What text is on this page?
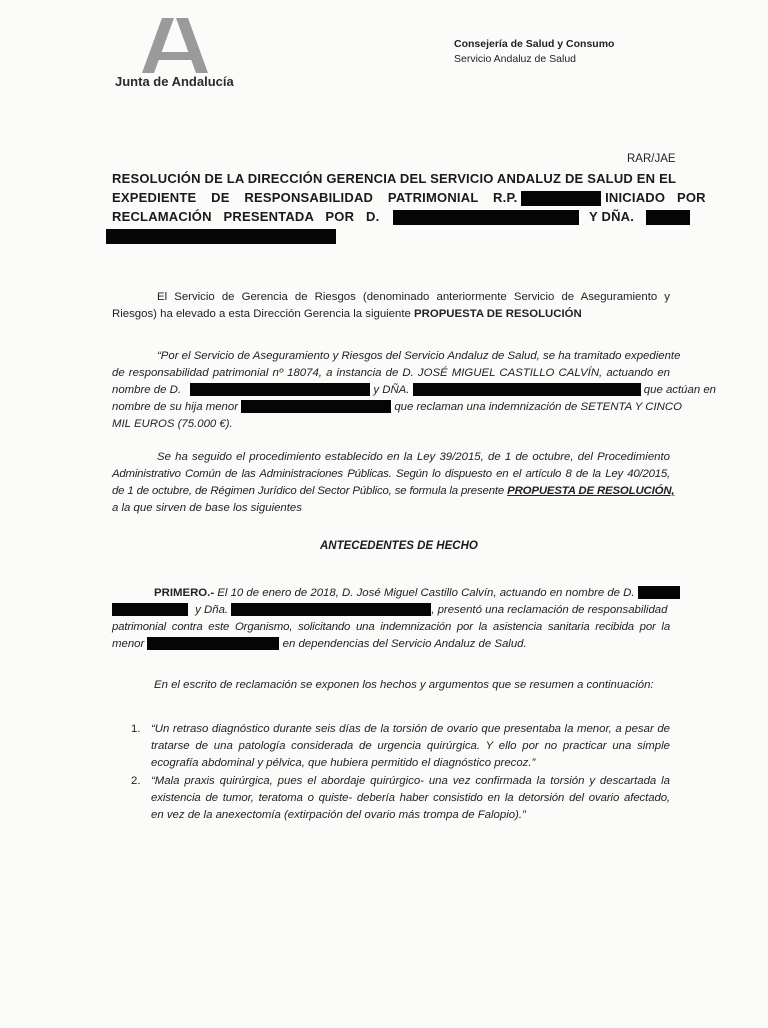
Junta de Andalucía
Consejería de Salud y Consumo
Servicio Andaluz de Salud
RAR/JAE
RESOLUCIÓN DE LA DIRECCIÓN GERENCIA DEL SERVICIO ANDALUZ DE SALUD EN EL
EXPEDIENTE DE RESPONSABILIDAD PATRIMONIAL R.P.	INICIADO POR
RECLAMACIÓN PRESENTADA POR D.	Y DÑA.
El Servicio de Gerencia de Riesgos (denominado anteriormente Servicio de Aseguramiento y
Riesgos) ha elevado a esta Dirección Gerencia la siguiente PROPUESTA DE RESOLUCIÓN
“Por el Servicio de Aseguramiento y Riesgos del Servicio Andaluz de Salud, se ha tramitado expediente
de responsabilidad patrimonial nº 18074, a instancia de D. JOSÉ MIGUEL CASTILLO CALVÍN, actuando en
nombre de D.	y DÑA.	que actúan en
nombre de su hija menor	que reclaman una indemnización de SETENTA Y CINCO
MIL EUROS (75.000 €).
Se ha seguido el procedimiento establecido en la Ley 39/2015, de 1 de octubre, del Procedimiento
Administrativo Común de las Administraciones Públicas. Según lo dispuesto en el artículo 8 de la Ley 40/2015,
de 1 de octubre, de Régimen Jurídico del Sector Público, se formula la presente PROPUESTA DE RESOLUCIÓN,
a la que sirven de base los siguientes
ANTECEDENTES DE HECHO
PRIMERO.- El 10 de enero de 2018, D. José Miguel Castillo Calvín, actuando en nombre de D.
y Dña.	, presentó una reclamación de responsabilidad
patrimonial contra este Organismo, solicitando una indemnización por la asistencia sanitaria recibida por la
menor	en dependencias del Servicio Andaluz de Salud.
En el escrito de reclamación se exponen los hechos y argumentos que se resumen a continuación:
1. “Un retraso diagnóstico durante seis días de la torsión de ovario que presentaba la menor, a pesar de
tratarse de una patología considerada de urgencia quirúrgica. Y ello por no practicar una simple
ecografía abdominal y pélvica, que hubiera permitido el diagnóstico precoz.”
2. “Mala praxis quirúrgica, pues el abordaje quirúrgico- una vez confirmada la torsión y descartada la
existencia de tumor, teratoma o quiste- debería haber consistido en la detorsión del ovario afectado,
en vez de la anexectomía (extirpación del ovario más trompa de Falopio).”
